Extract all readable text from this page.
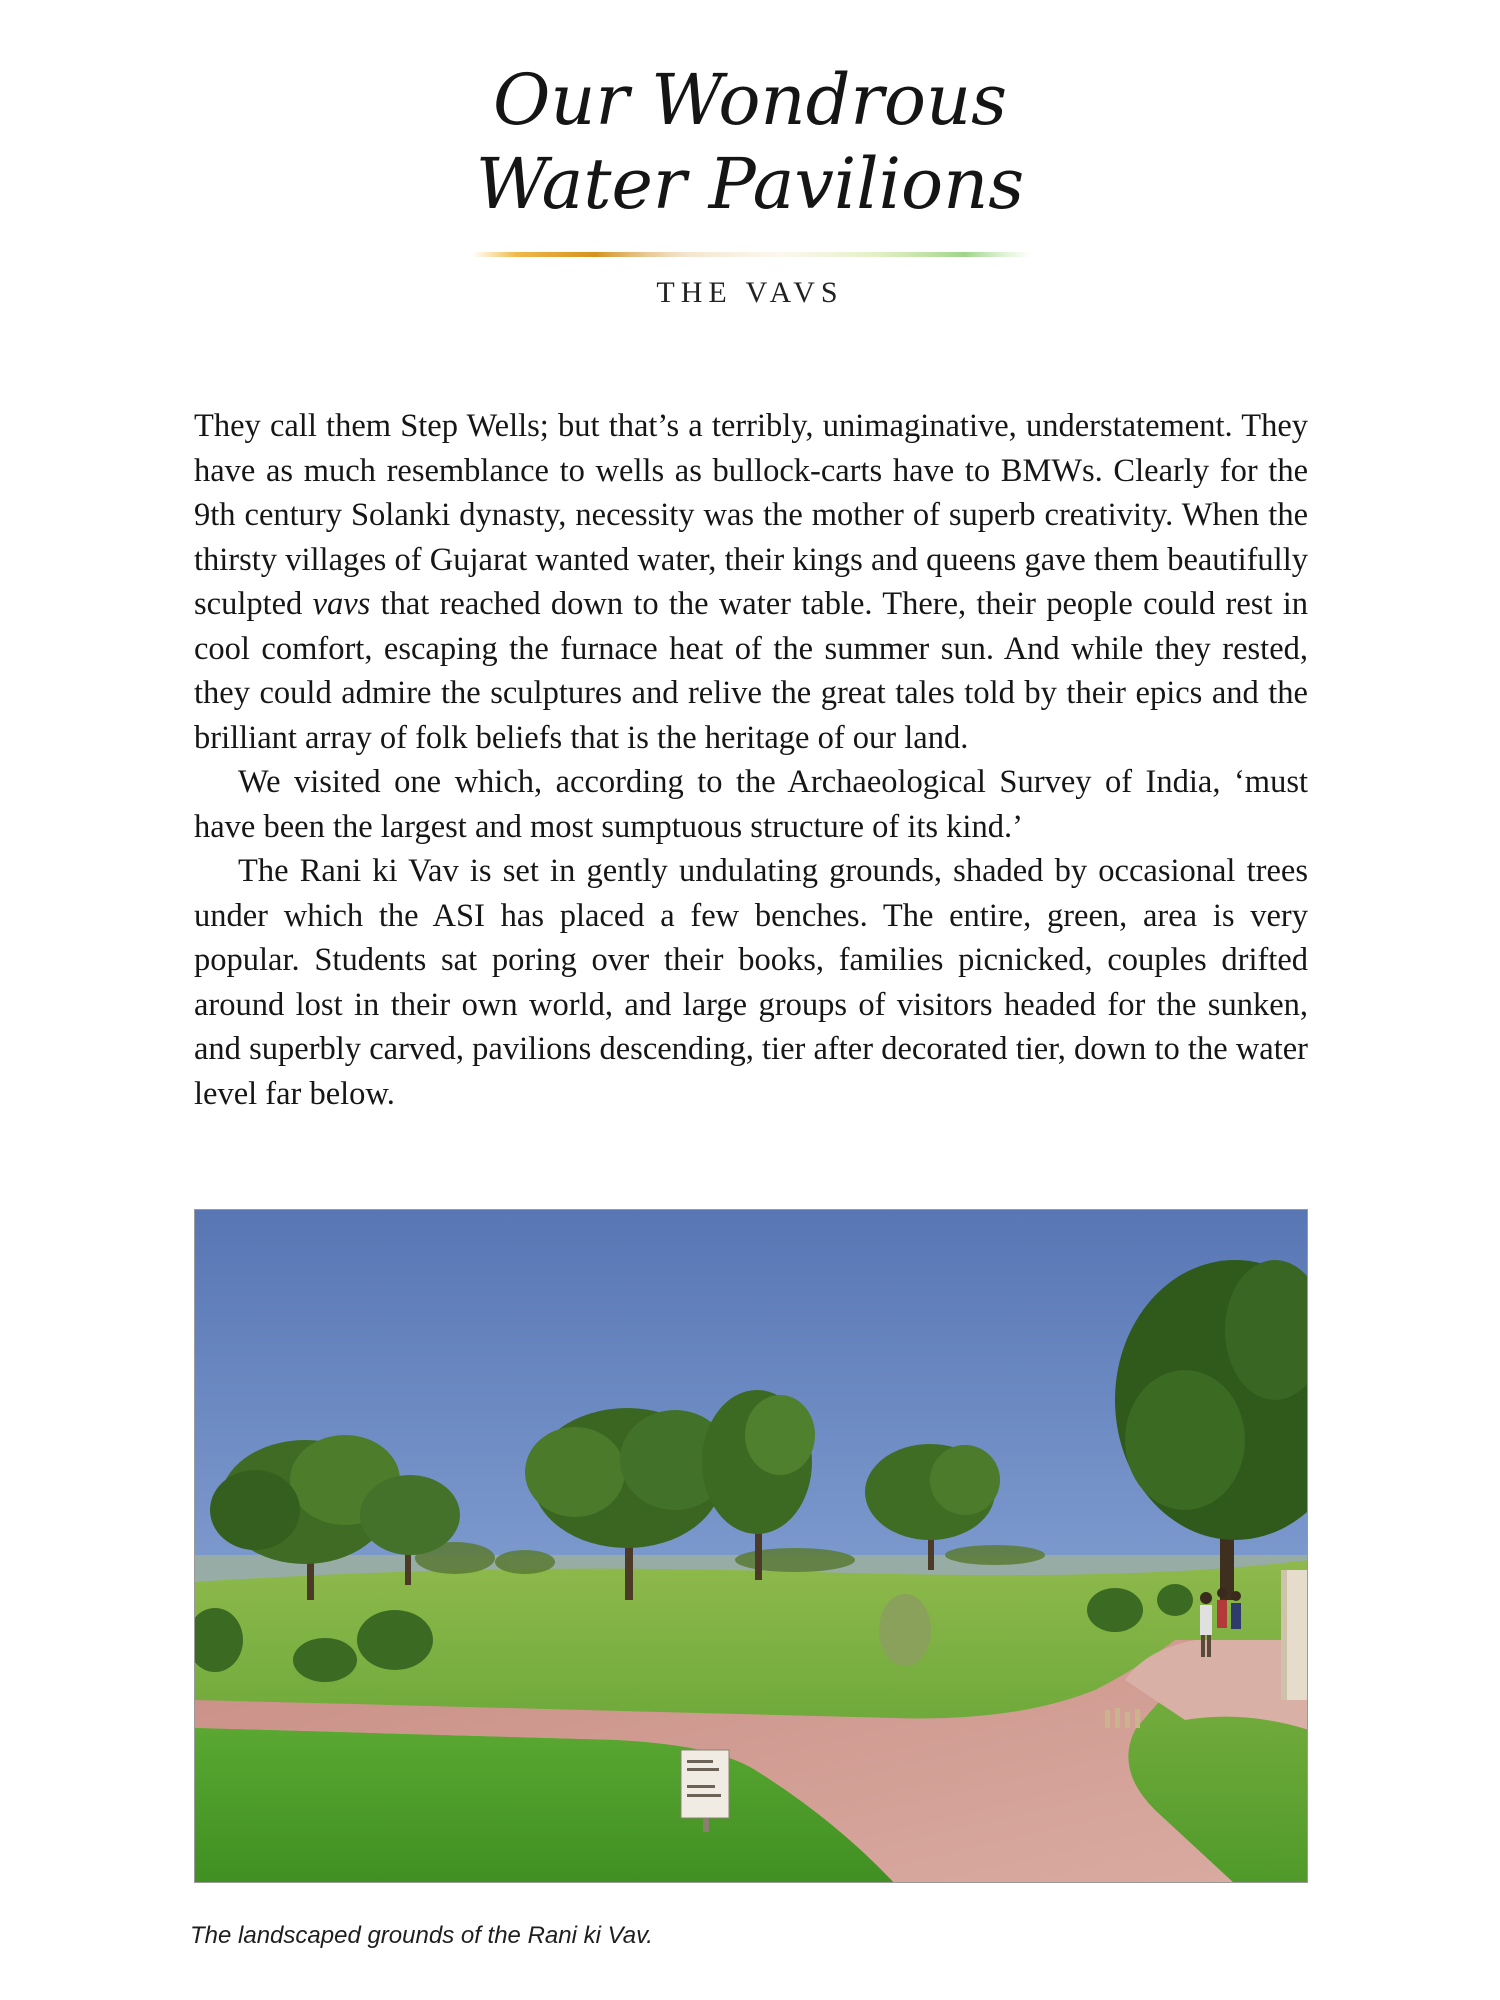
Our Wondrous
Water Pavilions
THE VAVS

They call them Step Wells; but that’s a terribly, unimaginative, understatement. They have as much resemblance to wells as bullock-carts have to BMWs. Clearly for the 9th century Solanki dynasty, necessity was the mother of superb creativity. When the thirsty villages of Gujarat wanted water, their kings and queens gave them beautifully sculpted vavs that reached down to the water table. There, their people could rest in cool comfort, escaping the furnace heat of the summer sun. And while they rested, they could admire the sculptures and relive the great tales told by their epics and the brilliant array of folk beliefs that is the heritage of our land.

We visited one which, according to the Archaeological Survey of India, ‘must have been the largest and most sumptuous structure of its kind.’

The Rani ki Vav is set in gently undulating grounds, shaded by occasional trees under which the ASI has placed a few benches. The entire, green, area is very popular. Students sat poring over their books, families picnicked, couples drifted around lost in their own world, and large groups of visitors headed for the sunken, and superbly carved, pavilions descending, tier after decorated tier, down to the water level far below.

The landscaped grounds of the Rani ki Vav.
